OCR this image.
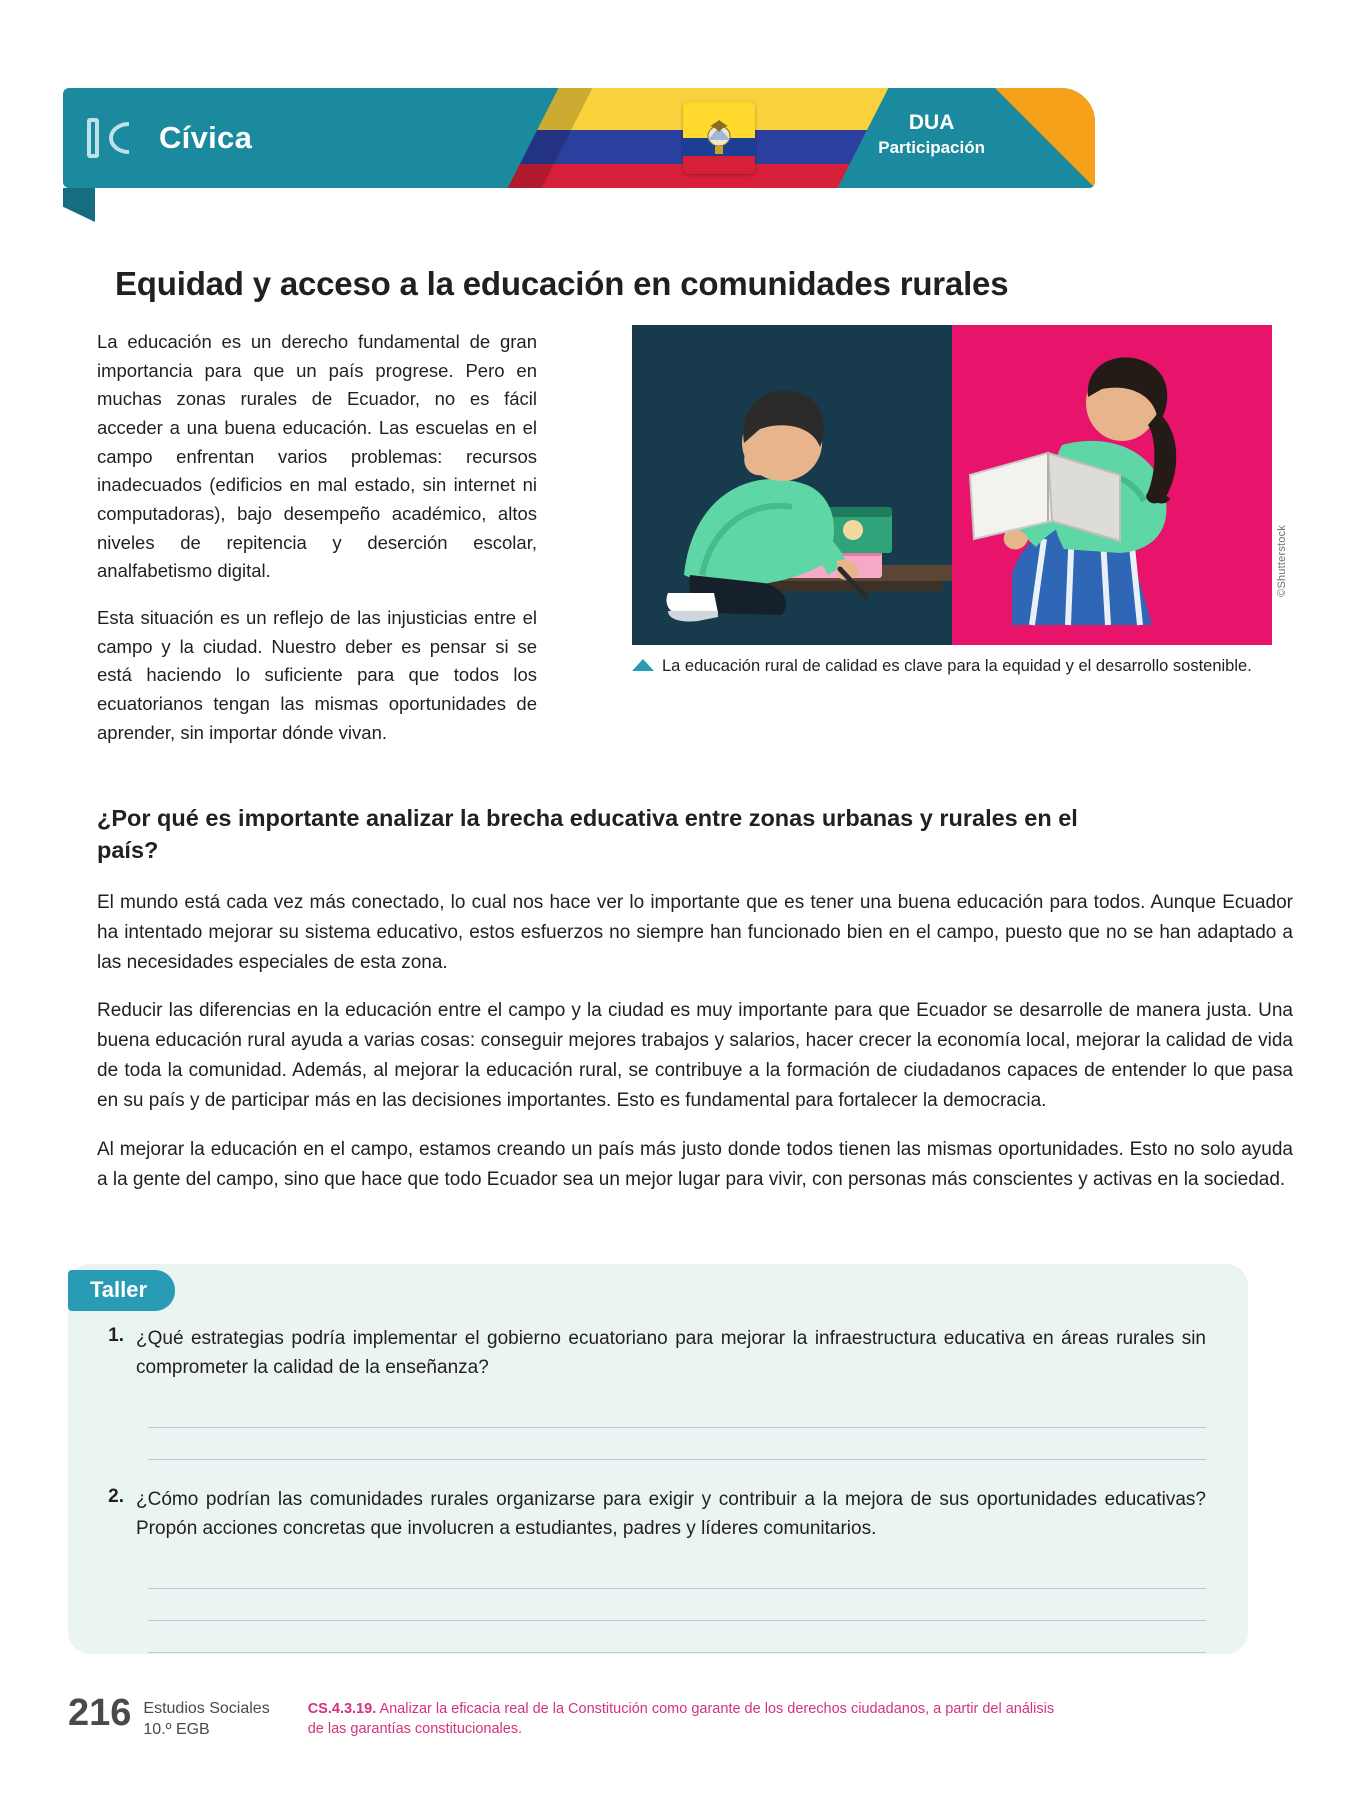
Cívica	DUA
Participación
Equidad y acceso a la educación en comunidades rurales

La educación es un derecho fundamental de gran importancia para que un país progrese. Pero en muchas zonas rurales de Ecuador, no es fácil acceder a una buena educación. Las escuelas en el campo enfrentan varios problemas: recursos inadecuados (edificios en mal estado, sin internet ni computadoras), bajo desempeño académico, altos niveles de repitencia y deserción escolar, analfabetismo digital.

Esta situación es un reflejo de las injusticias entre el campo y la ciudad. Nuestro deber es pensar si se está haciendo lo suficiente para que todos los ecuatorianos tengan las mismas oportunidades de aprender, sin importar dónde vivan.

©Shutterstock
La educación rural de calidad es clave para la equidad y el desarrollo sostenible.
¿Por qué es importante analizar la brecha educativa entre zonas urbanas y rurales en el país?

El mundo está cada vez más conectado, lo cual nos hace ver lo importante que es tener una buena educación para todos. Aunque Ecuador ha intentado mejorar su sistema educativo, estos esfuerzos no siempre han funcionado bien en el campo, puesto que no se han adaptado a las necesidades especiales de esta zona.

Reducir las diferencias en la educación entre el campo y la ciudad es muy importante para que Ecuador se desarrolle de manera justa. Una buena educación rural ayuda a varias cosas: conseguir mejores trabajos y salarios, hacer crecer la economía local, mejorar la calidad de vida de toda la comunidad. Además, al mejorar la educación rural, se contribuye a la formación de ciudadanos capaces de entender lo que pasa en su país y de participar más en las decisiones importantes. Esto es fundamental para fortalecer la democracia.

Al mejorar la educación en el campo, estamos creando un país más justo donde todos tienen las mismas oportunidades. Esto no solo ayuda a la gente del campo, sino que hace que todo Ecuador sea un mejor lugar para vivir, con personas más conscientes y activas en la sociedad.

Taller
1. ¿Qué estrategias podría implementar el gobierno ecuatoriano para mejorar la infraestructura educativa en áreas rurales sin comprometer la calidad de la enseñanza?
2. ¿Cómo podrían las comunidades rurales organizarse para exigir y contribuir a la mejora de sus oportunidades educativas? Propón acciones concretas que involucren a estudiantes, padres y líderes comunitarios.
216 Estudios Sociales
10.º EGB
CS.4.3.19. Analizar la eficacia real de la Constitución como garante de los derechos ciudadanos, a partir del análisis de las garantías constitucionales.
